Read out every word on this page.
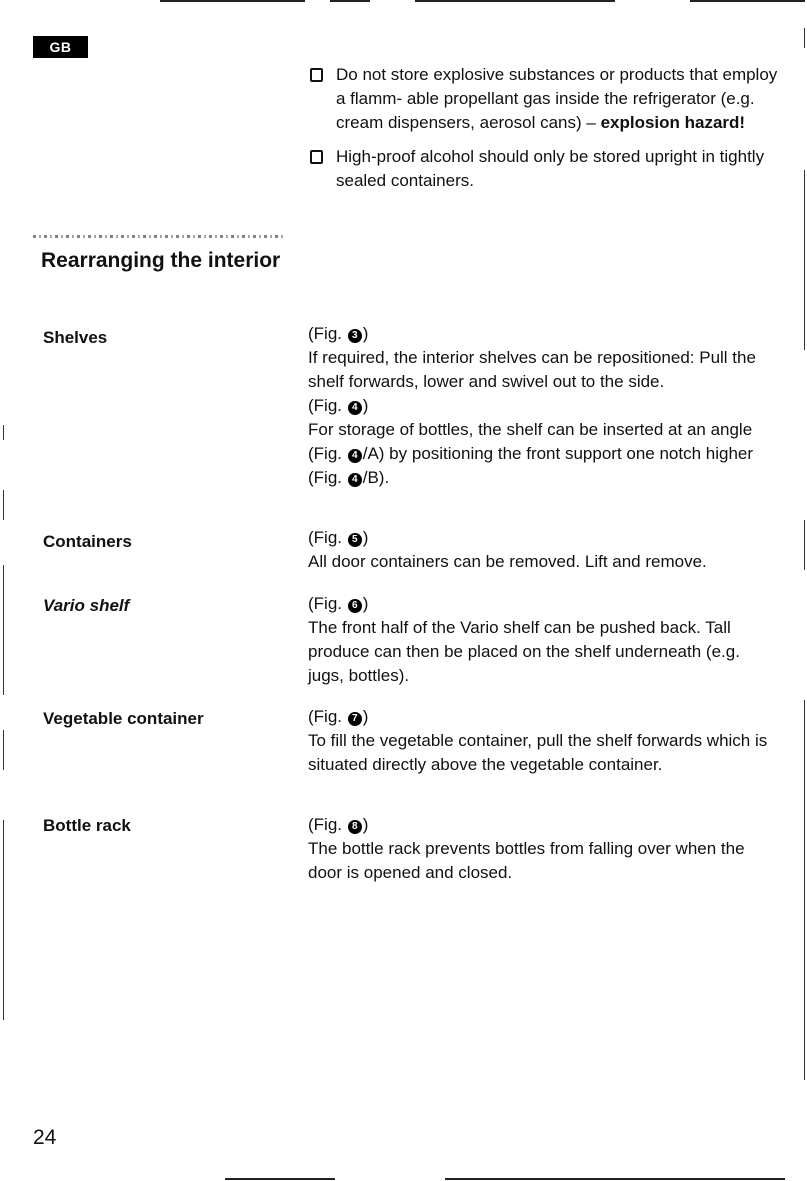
GB
Do not store explosive substances or products that employ a flamm- able propellant gas inside the refrigerator (e.g. cream dispensers, aerosol cans) – explosion hazard!
High-proof alcohol should only be stored upright in tightly sealed containers.
Rearranging the interior
Shelves	(Fig. 3 )

If required, the interior shelves can be repositioned: Pull the shelf forwards, lower and swivel out to the side.

(Fig. 4 )

For storage of bottles, the shelf can be inserted at an angle (Fig. 4 /A) by positioning the front support one notch higher (Fig. 4 /B).

Containers	(Fig. 5 )

All door containers can be removed. Lift and remove.

Vario shelf	(Fig. 6 )

The front half of the Vario shelf can be pushed back. Tall produce can then be placed on the shelf underneath (e.g. jugs, bottles).

Vegetable container	(Fig. 7 )

To fill the vegetable container, pull the shelf forwards which is situated directly above the vegetable container.

Bottle rack	(Fig. 8 )

The bottle rack prevents bottles from falling over when the door is opened and closed.

24
